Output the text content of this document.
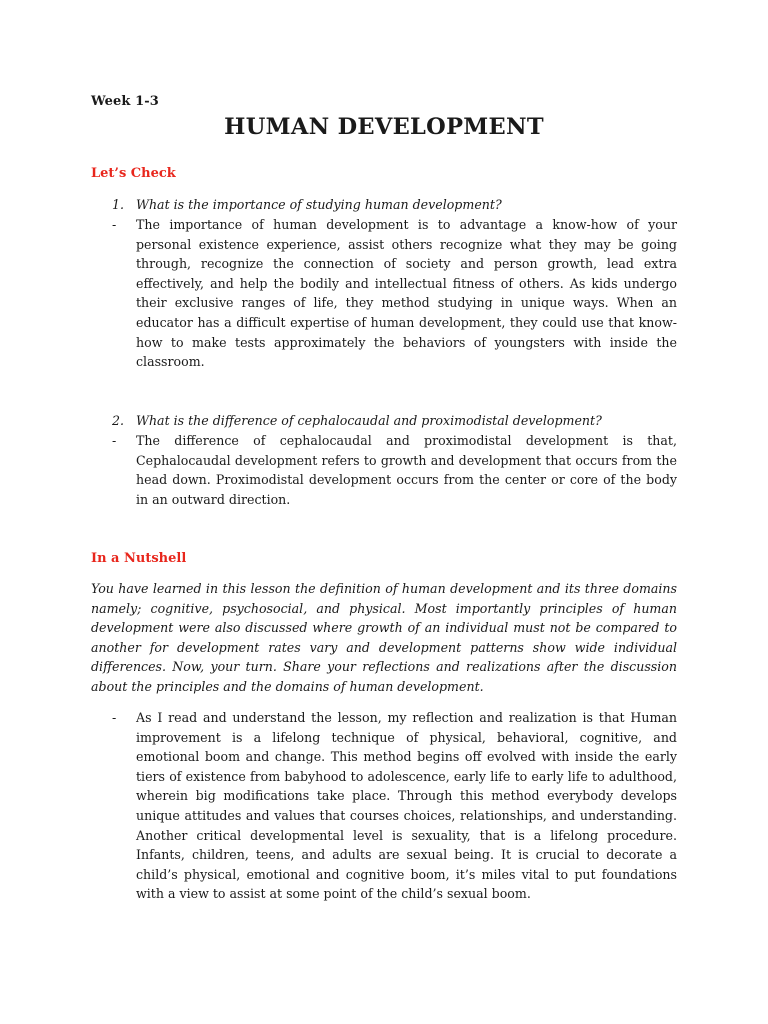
Week 1-3
HUMAN DEVELOPMENT
Let’s Check
1. What is the importance of studying human development?
- The importance of human development is to advantage a know-how of your personal existence experience, assist others recognize what they may be going through, recognize the connection of society and person growth, lead extra effectively, and help the bodily and intellectual fitness of others. As kids undergo their exclusive ranges of life, they method studying in unique ways. When an educator has a difficult expertise of human development, they could use that know-how to make tests approximately the behaviors of youngsters with inside the classroom.
2. What is the difference of cephalocaudal and proximodistal development?
- The difference of cephalocaudal and proximodistal development is that, Cephalocaudal development refers to growth and development that occurs from the head down. Proximodistal development occurs from the center or core of the body in an outward direction.
In a Nutshell
You have learned in this lesson the definition of human development and its three domains namely; cognitive, psychosocial, and physical. Most importantly principles of human development were also discussed where growth of an individual must not be compared to another for development rates vary and development patterns show wide individual differences. Now, your turn. Share your reflections and realizations after the discussion about the principles and the domains of human development.
- As I read and understand the lesson, my reflection and realization is that Human improvement is a lifelong technique of physical, behavioral, cognitive, and emotional boom and change. This method begins off evolved with inside the early tiers of existence from babyhood to adolescence, early life to early life to adulthood, wherein big modifications take place. Through this method everybody develops unique attitudes and values that courses choices, relationships, and understanding. Another critical developmental level is sexuality, that is a lifelong procedure. Infants, children, teens, and adults are sexual being. It is crucial to decorate a child’s physical, emotional and cognitive boom, it’s miles vital to put foundations with a view to assist at some point of the child’s sexual boom.
